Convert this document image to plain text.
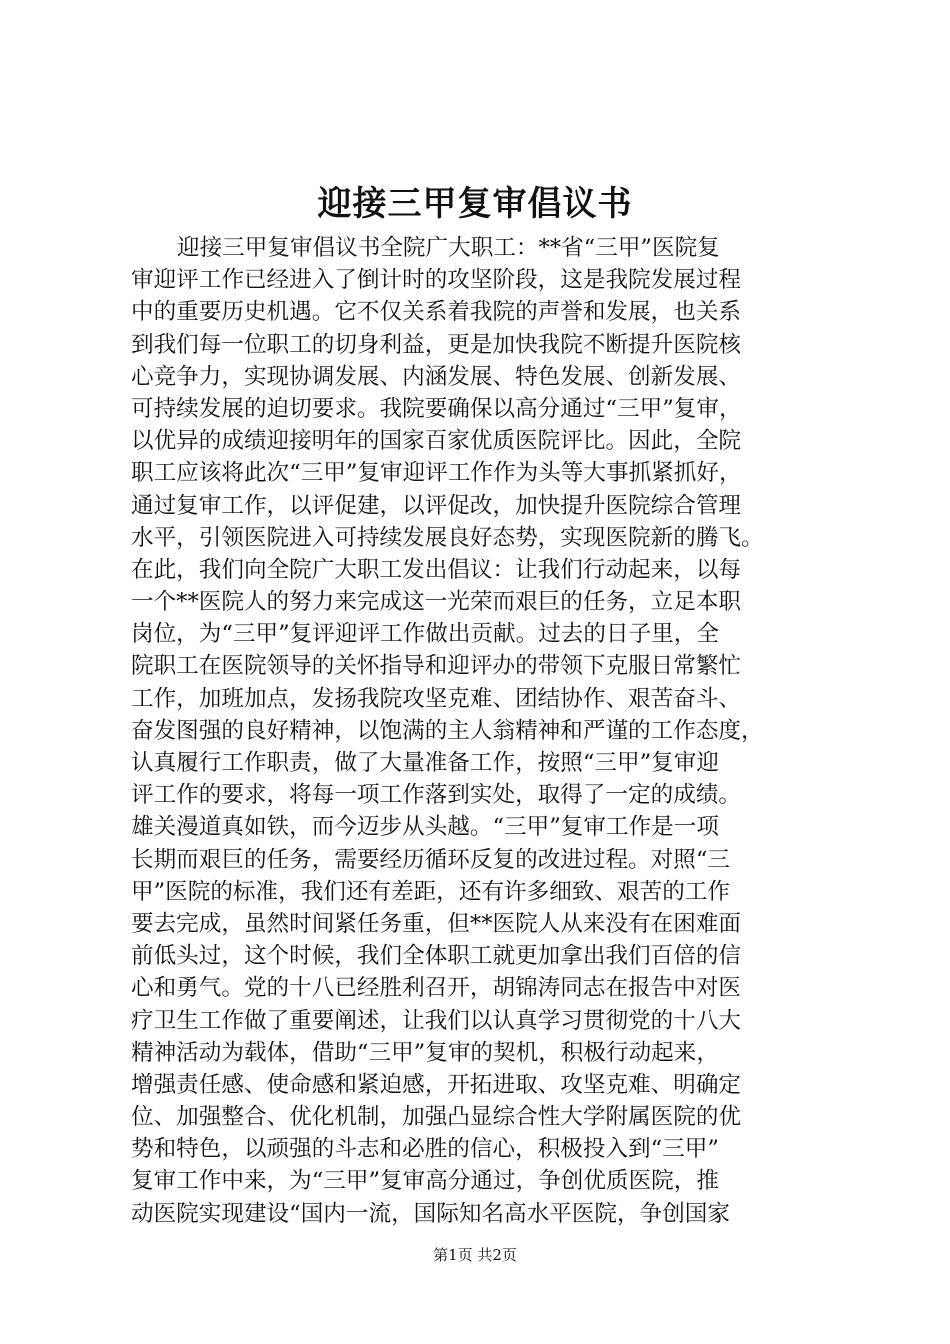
迎接三甲复审倡议书
迎接三甲复审倡议书全院广大职工：**省“三甲”医院复
审迎评工作已经进入了倒计时的攻坚阶段，这是我院发展过程
中的重要历史机遇。它不仅关系着我院的声誉和发展，也关系
到我们每一位职工的切身利益，更是加快我院不断提升医院核
心竞争力，实现协调发展、内涵发展、特色发展、创新发展、
可持续发展的迫切要求。我院要确保以高分通过“三甲”复审，
以优异的成绩迎接明年的国家百家优质医院评比。因此，全院
职工应该将此次“三甲”复审迎评工作作为头等大事抓紧抓好，
通过复审工作，以评促建，以评促改，加快提升医院综合管理
水平，引领医院进入可持续发展良好态势，实现医院新的腾飞。
在此，我们向全院广大职工发出倡议：让我们行动起来，以每
一个**医院人的努力来完成这一光荣而艰巨的任务，立足本职
岗位，为“三甲”复评迎评工作做出贡献。过去的日子里，全
院职工在医院领导的关怀指导和迎评办的带领下克服日常繁忙
工作，加班加点，发扬我院攻坚克难、团结协作、艰苦奋斗、
奋发图强的良好精神，以饱满的主人翁精神和严谨的工作态度，
认真履行工作职责，做了大量准备工作，按照“三甲”复审迎
评工作的要求，将每一项工作落到实处，取得了一定的成绩。
雄关漫道真如铁，而今迈步从头越。“三甲”复审工作是一项
长期而艰巨的任务，需要经历循环反复的改进过程。对照“三
甲”医院的标准，我们还有差距，还有许多细致、艰苦的工作
要去完成，虽然时间紧任务重，但**医院人从来没有在困难面
前低头过，这个时候，我们全体职工就更加拿出我们百倍的信
心和勇气。党的十八已经胜利召开，胡锦涛同志在报告中对医
疗卫生工作做了重要阐述，让我们以认真学习贯彻党的十八大
精神活动为载体，借助“三甲”复审的契机，积极行动起来，
增强责任感、使命感和紧迫感，开拓进取、攻坚克难、明确定
位、加强整合、优化机制，加强凸显综合性大学附属医院的优
势和特色，以顽强的斗志和必胜的信心，积极投入到“三甲”
复审工作中来，为“三甲”复审高分通过，争创优质医院，推
动医院实现建设“国内一流，国际知名高水平医院，争创国家
第1页 共2页
